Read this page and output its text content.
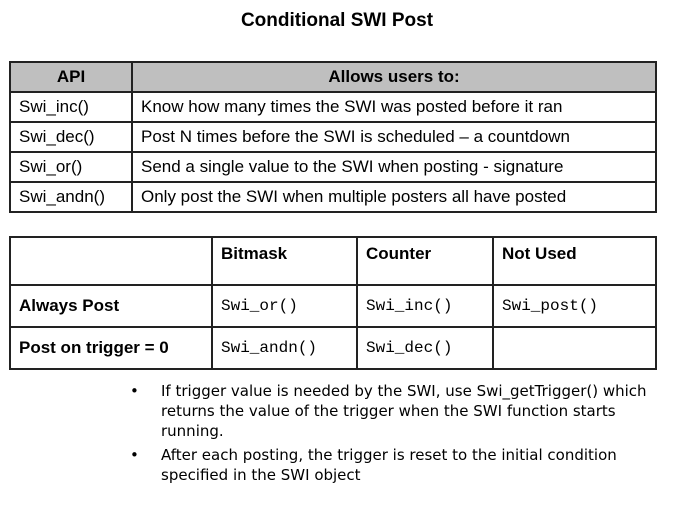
Conditional SWI Post
API	Allows users to:
Swi_inc()	Know how many times the SWI was posted before it ran
Swi_dec()	Post N times before the SWI is scheduled – a countdown
Swi_or()	Send a single value to the SWI when posting - signature
Swi_andn()	Only post the SWI when multiple posters all have posted
	Bitmask	Counter	Not Used
Always Post	Swi_or()	Swi_inc()	Swi_post()
Post on trigger = 0	Swi_andn()	Swi_dec()	
• If trigger value is needed by the SWI, use Swi_getTrigger() which returns the value of the trigger when the SWI function starts running.
• After each posting, the trigger is reset to the initial condition specified in the SWI object
